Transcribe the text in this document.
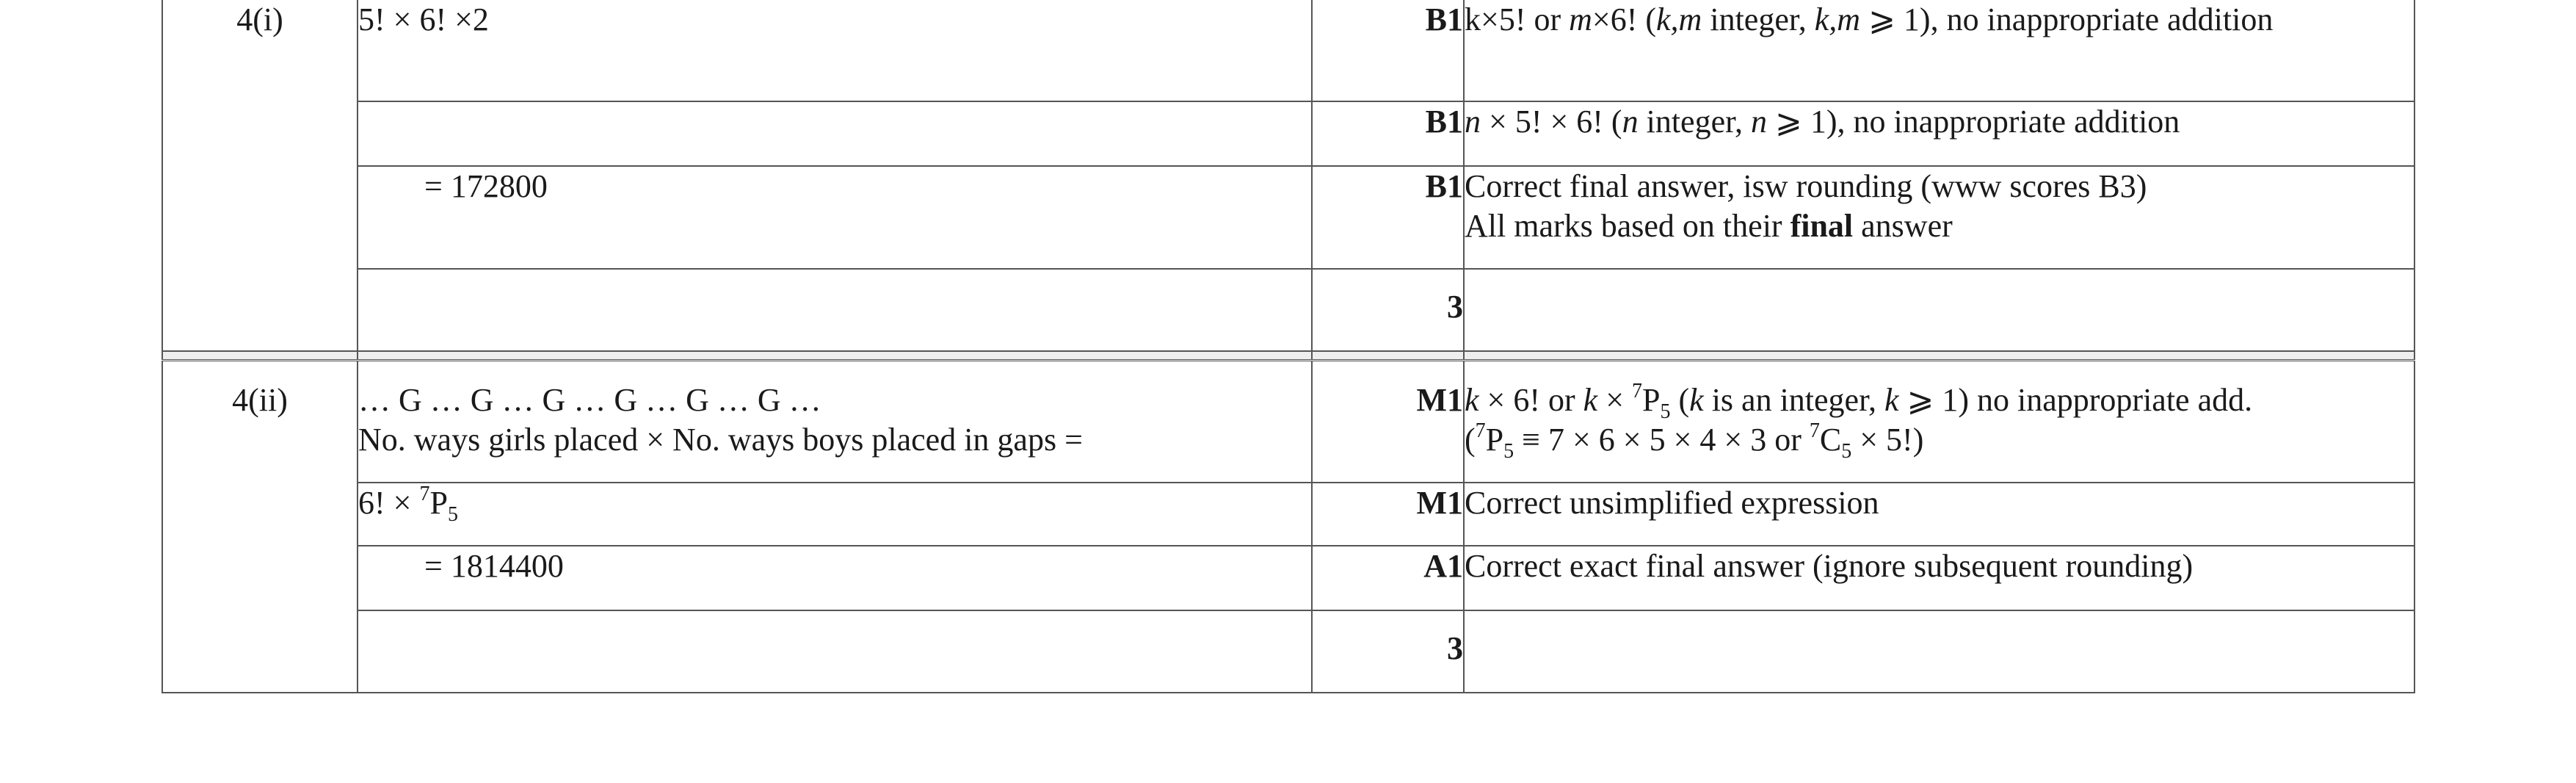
4(i)	5! × 6! ×2	B1	k×5! or m×6! (k,m integer, k,m ⩾ 1), no inappropriate addition

		B1	n × 5! × 6! (n integer, n ⩾ 1), no inappropriate addition

	= 172800	B1	Correct final answer, isw rounding (www scores B3)
All marks based on their final answer

		3	

4(ii)	… G … G … G … G … G … G …
No. ways girls placed × No. ways boys placed in gaps =	M1	k × 6! or $k \times ^7P_5$ (k is an integer, k ⩾ 1) no inappropriate add.
($^7P_5 \equiv 7 \times 6 \times 5 \times 4 \times 3$ or $^7C_5 \times 5$!)

	6! × $^7P_5$	M1	Correct unsimplified expression

	= 1814400	A1	Correct exact final answer (ignore subsequent rounding)

		3	
